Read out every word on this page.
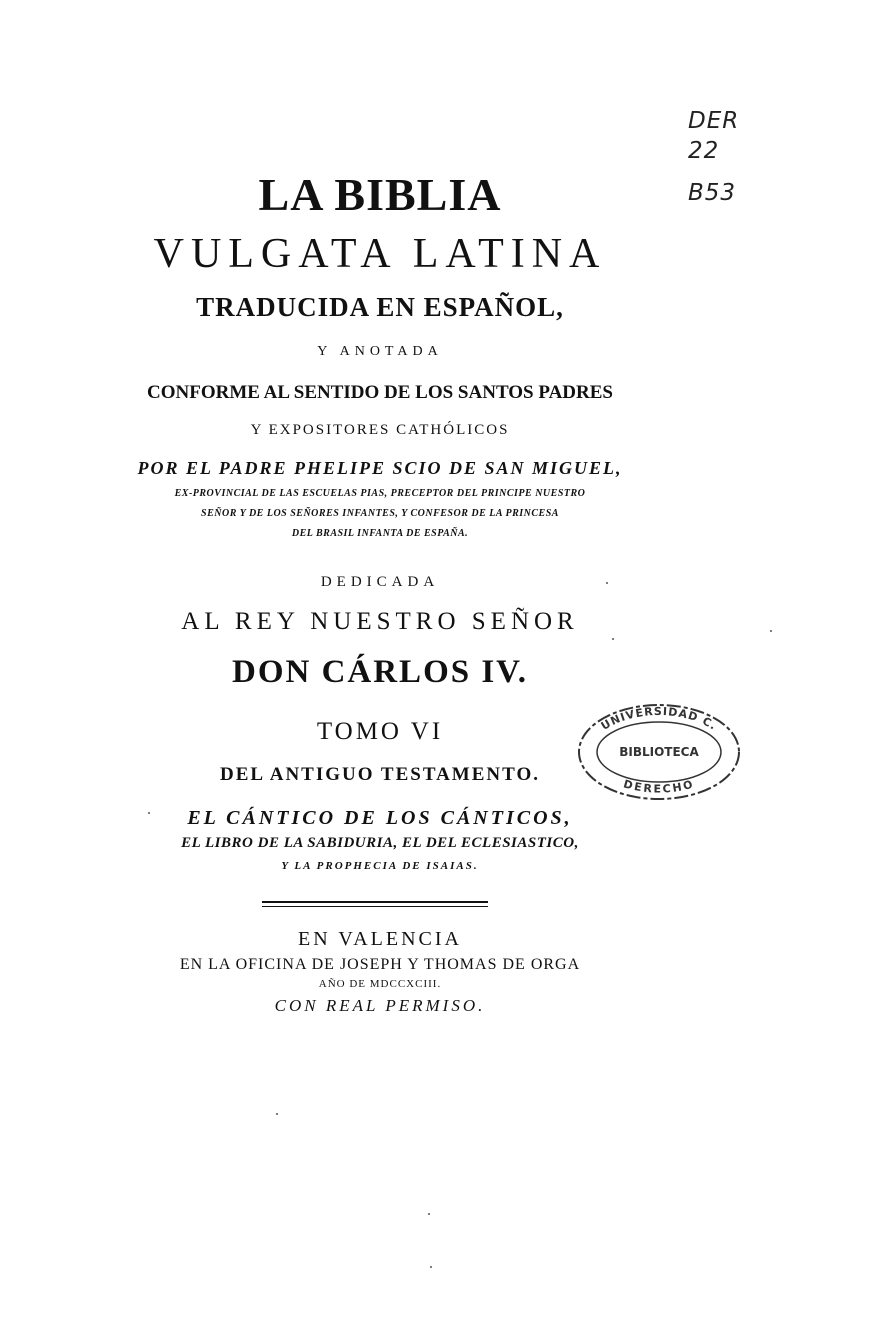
LA BIBLIA
VULGATA LATINA
TRADUCIDA EN ESPAÑOL,
Y ANOTADA
CONFORME AL SENTIDO DE LOS SANTOS PADRES
Y EXPOSITORES CATHÓLICOS
POR EL PADRE PHELIPE SCIO DE SAN MIGUEL,
EX-PROVINCIAL DE LAS ESCUELAS PIAS, PRECEPTOR DEL PRINCIPE NUESTRO
SEÑOR Y DE LOS SEÑORES INFANTES, Y CONFESOR DE LA PRINCESA
DEL BRASIL INFANTA DE ESPAÑA.
DEDICADA
AL REY NUESTRO SEÑOR
DON CÁRLOS IV.
TOMO VI
DEL ANTIGUO TESTAMENTO.
EL CÁNTICO DE LOS CÁNTICOS,
EL LIBRO DE LA SABIDURIA, EL DEL ECLESIASTICO,
Y LA PROPHECIA DE ISAIAS.
EN VALENCIA
EN LA OFICINA DE JOSEPH Y THOMAS DE ORGA
AÑO DE MDCCXCIII.
CON REAL PERMISO.
DER
22
B53
UNIVERSIDAD C.
BIBLIOTECA
DERECHO
